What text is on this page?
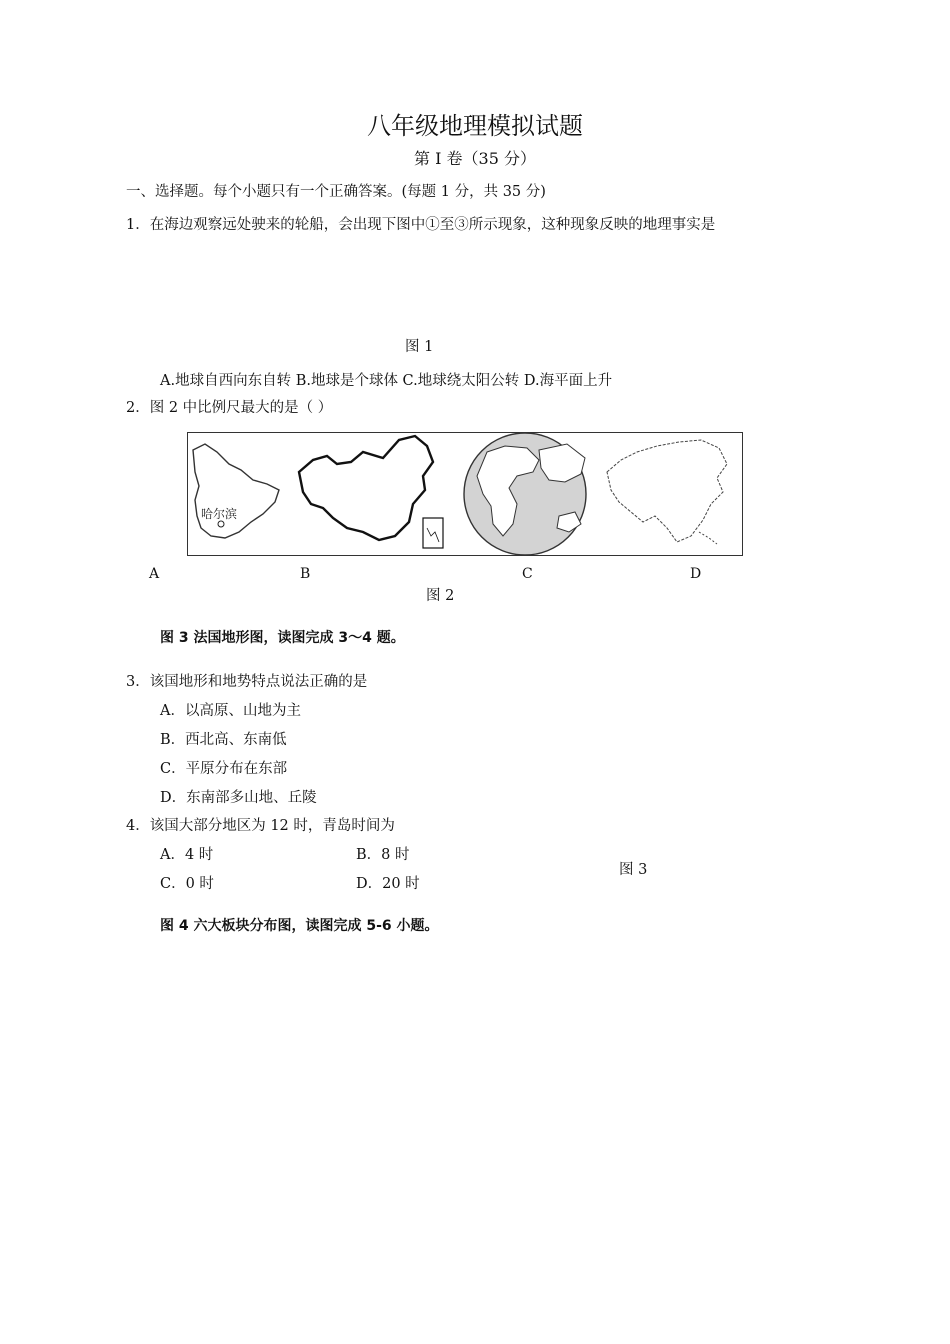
八年级地理模拟试题
第 I 卷（35 分）
一、选择题。每个小题只有一个正确答案。(每题 1 分，共 35 分)
1．在海边观察远处驶来的轮船，会出现下图中①至③所示现象，这种现象反映的地理事实是
图 1
A.地球自西向东自转 B.地球是个球体 C.地球绕太阳公转 D.海平面上升
2．图 2 中比例尺最大的是（ ）
哈尔滨
A	B	C	D
图 2
图 3 法国地形图，读图完成 3～4 题。
3．该国地形和地势特点说法正确的是
A．以高原、山地为主
B．西北高、东南低
C．平原分布在东部
D．东南部多山地、丘陵
4．该国大部分地区为 12 时，青岛时间为
A．4 时	B．8 时
C．0 时	D．20 时
图 3
图 4 六大板块分布图，读图完成 5-6 小题。
